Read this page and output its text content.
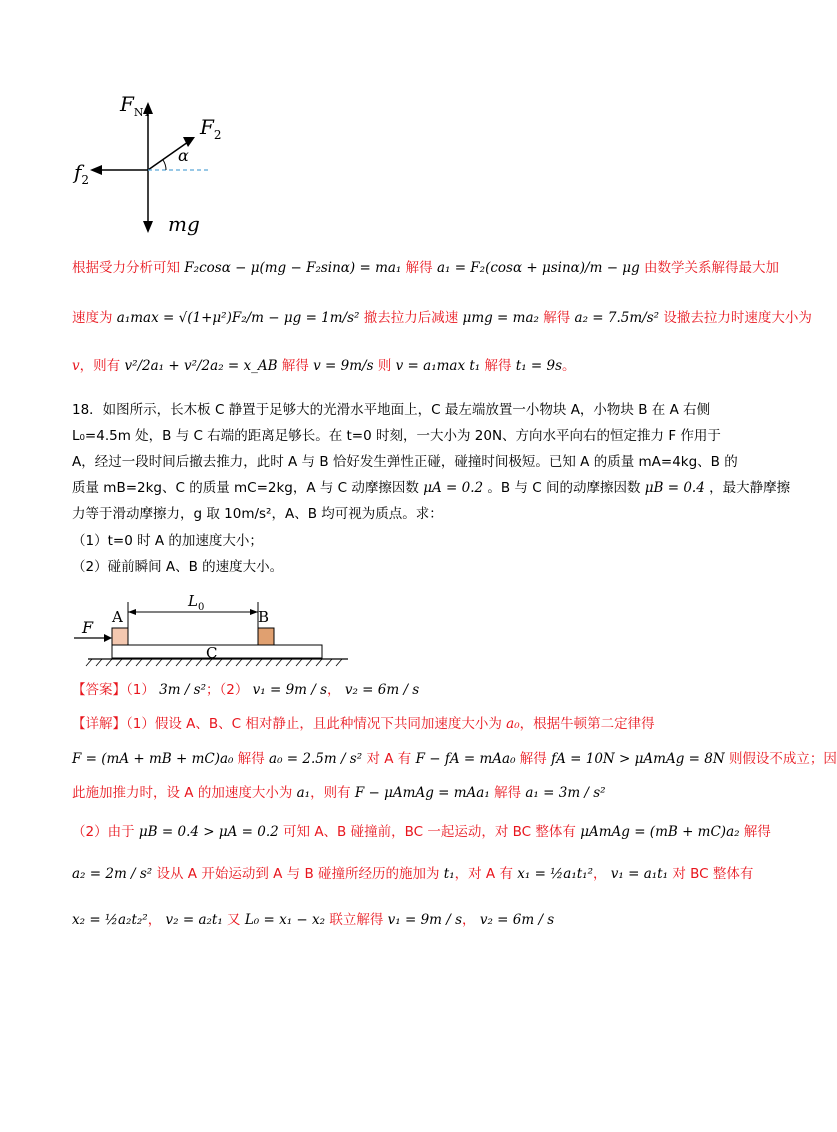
$F_{N1}$
$F_2$
α
$f_2$
mg
根据受力分析可知 F₂cosα − μ(mg − F₂sinα) = ma₁ 解得 a₁ = F₂(cosα + μsinα)/m − μg 由数学关系解得最大加
速度为 a₁max = √(1+μ²)F₂/m − μg = 1m/s² 撤去拉力后减速 μmg = ma₂ 解得 a₂ = 7.5m/s² 设撤去拉力时速度大小为
v，则有 v²/2a₁ + v²/2a₂ = x_AB 解得 v = 9m/s 则 v = a₁max t₁ 解得 t₁ = 9s。
18．如图所示，长木板 C 静置于足够大的光滑水平地面上，C 最左端放置一小物块 A，小物块 B 在 A 右侧
L₀=4.5m 处，B 与 C 右端的距离足够长。在 t=0 时刻，一大小为 20N、方向水平向右的恒定推力 F 作用于
A，经过一段时间后撤去推力，此时 A 与 B 恰好发生弹性正碰，碰撞时间极短。已知 A 的质量 mA=4kg、B 的
质量 mB=2kg、C 的质量 mC=2kg，A 与 C 动摩擦因数 μA = 0.2 。B 与 C 间的动摩擦因数 μB = 0.4 ，最大静摩擦
力等于滑动摩擦力，g 取 10m/s²，A、B 均可视为质点。求：
（1）t=0 时 A 的加速度大小；
（2）碰前瞬间 A、B 的速度大小。
F
A	B
C
$L_0$
【答案】（1） 3m / s²；（2） v₁ = 9m / s， v₂ = 6m / s
【详解】（1）假设 A、B、C 相对静止，且此种情况下共同加速度大小为 a₀，根据牛顿第二定律得
F = (mA + mB + mC)a₀ 解得 a₀ = 2.5m / s² 对 A 有 F − fA = mAa₀ 解得 fA = 10N > μAmAg = 8N 则假设不成立；因
此施加推力时，设 A 的加速度大小为 a₁，则有 F − μAmAg = mAa₁ 解得 a₁ = 3m / s²
（2）由于 μB = 0.4 > μA = 0.2 可知 A、B 碰撞前，BC 一起运动，对 BC 整体有 μAmAg = (mB + mC)a₂ 解得
a₂ = 2m / s² 设从 A 开始运动到 A 与 B 碰撞所经历的施加为 t₁，对 A 有 x₁ = ½a₁t₁²， v₁ = a₁t₁ 对 BC 整体有
x₂ = ½a₂t₂²， v₂ = a₂t₁ 又 L₀ = x₁ − x₂ 联立解得 v₁ = 9m / s， v₂ = 6m / s
